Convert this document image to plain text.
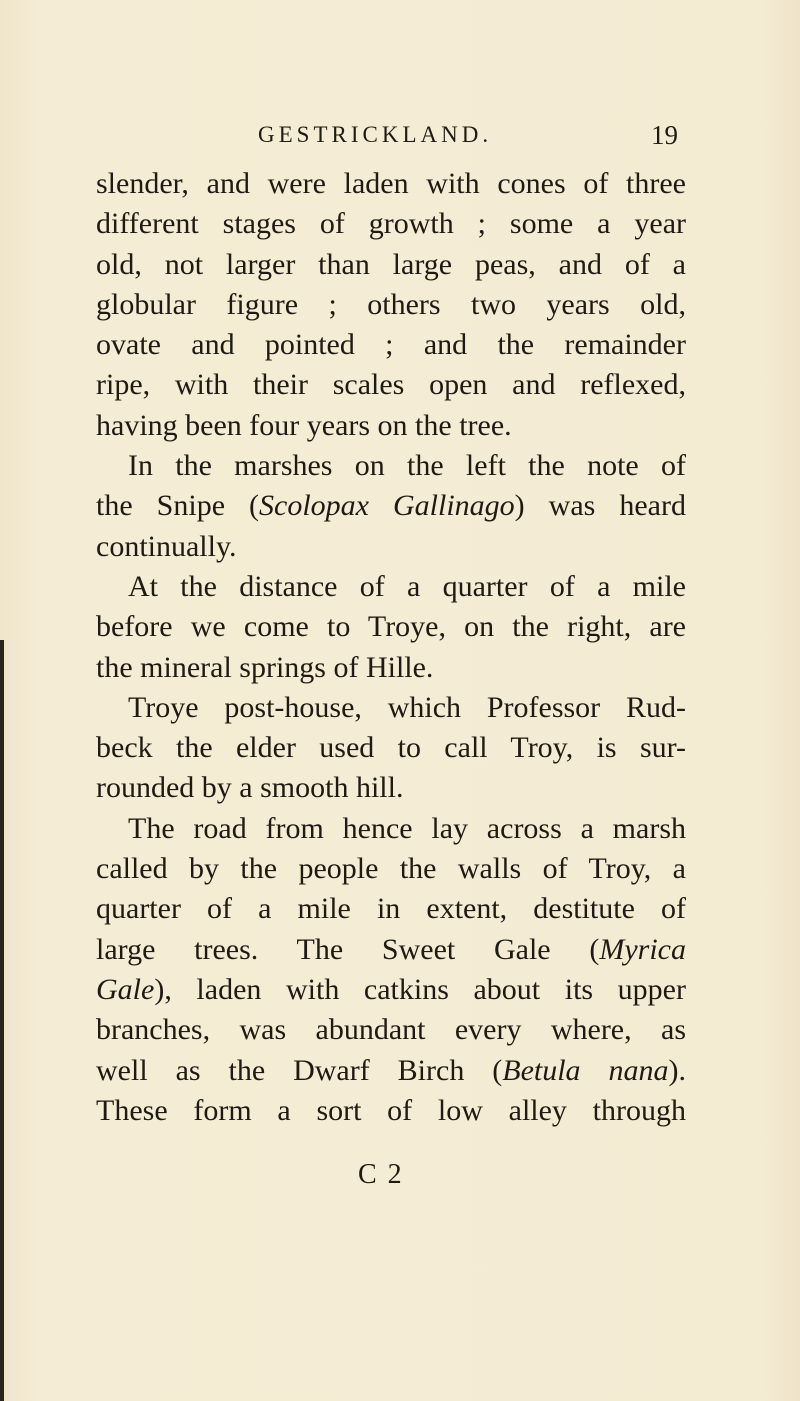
GESTRICKLAND.	19
slender, and were laden with cones of three
different stages of growth ; some a year
old, not larger than large peas, and of a
globular figure ; others two years old,
ovate and pointed ; and the remainder
ripe, with their scales open and reflexed,
having been four years on the tree.
In the marshes on the left the note of
the Snipe (Scolopax Gallinago) was heard
continually.
At the distance of a quarter of a mile
before we come to Troye, on the right, are
the mineral springs of Hille.
Troye post-house, which Professor Rud-
beck the elder used to call Troy, is sur-
rounded by a smooth hill.
The road from hence lay across a marsh
called by the people the walls of Troy, a
quarter of a mile in extent, destitute of
large trees. The Sweet Gale (Myrica
Gale), laden with catkins about its upper
branches, was abundant every where, as
well as the Dwarf Birch (Betula nana).
These form a sort of low alley through
C 2
